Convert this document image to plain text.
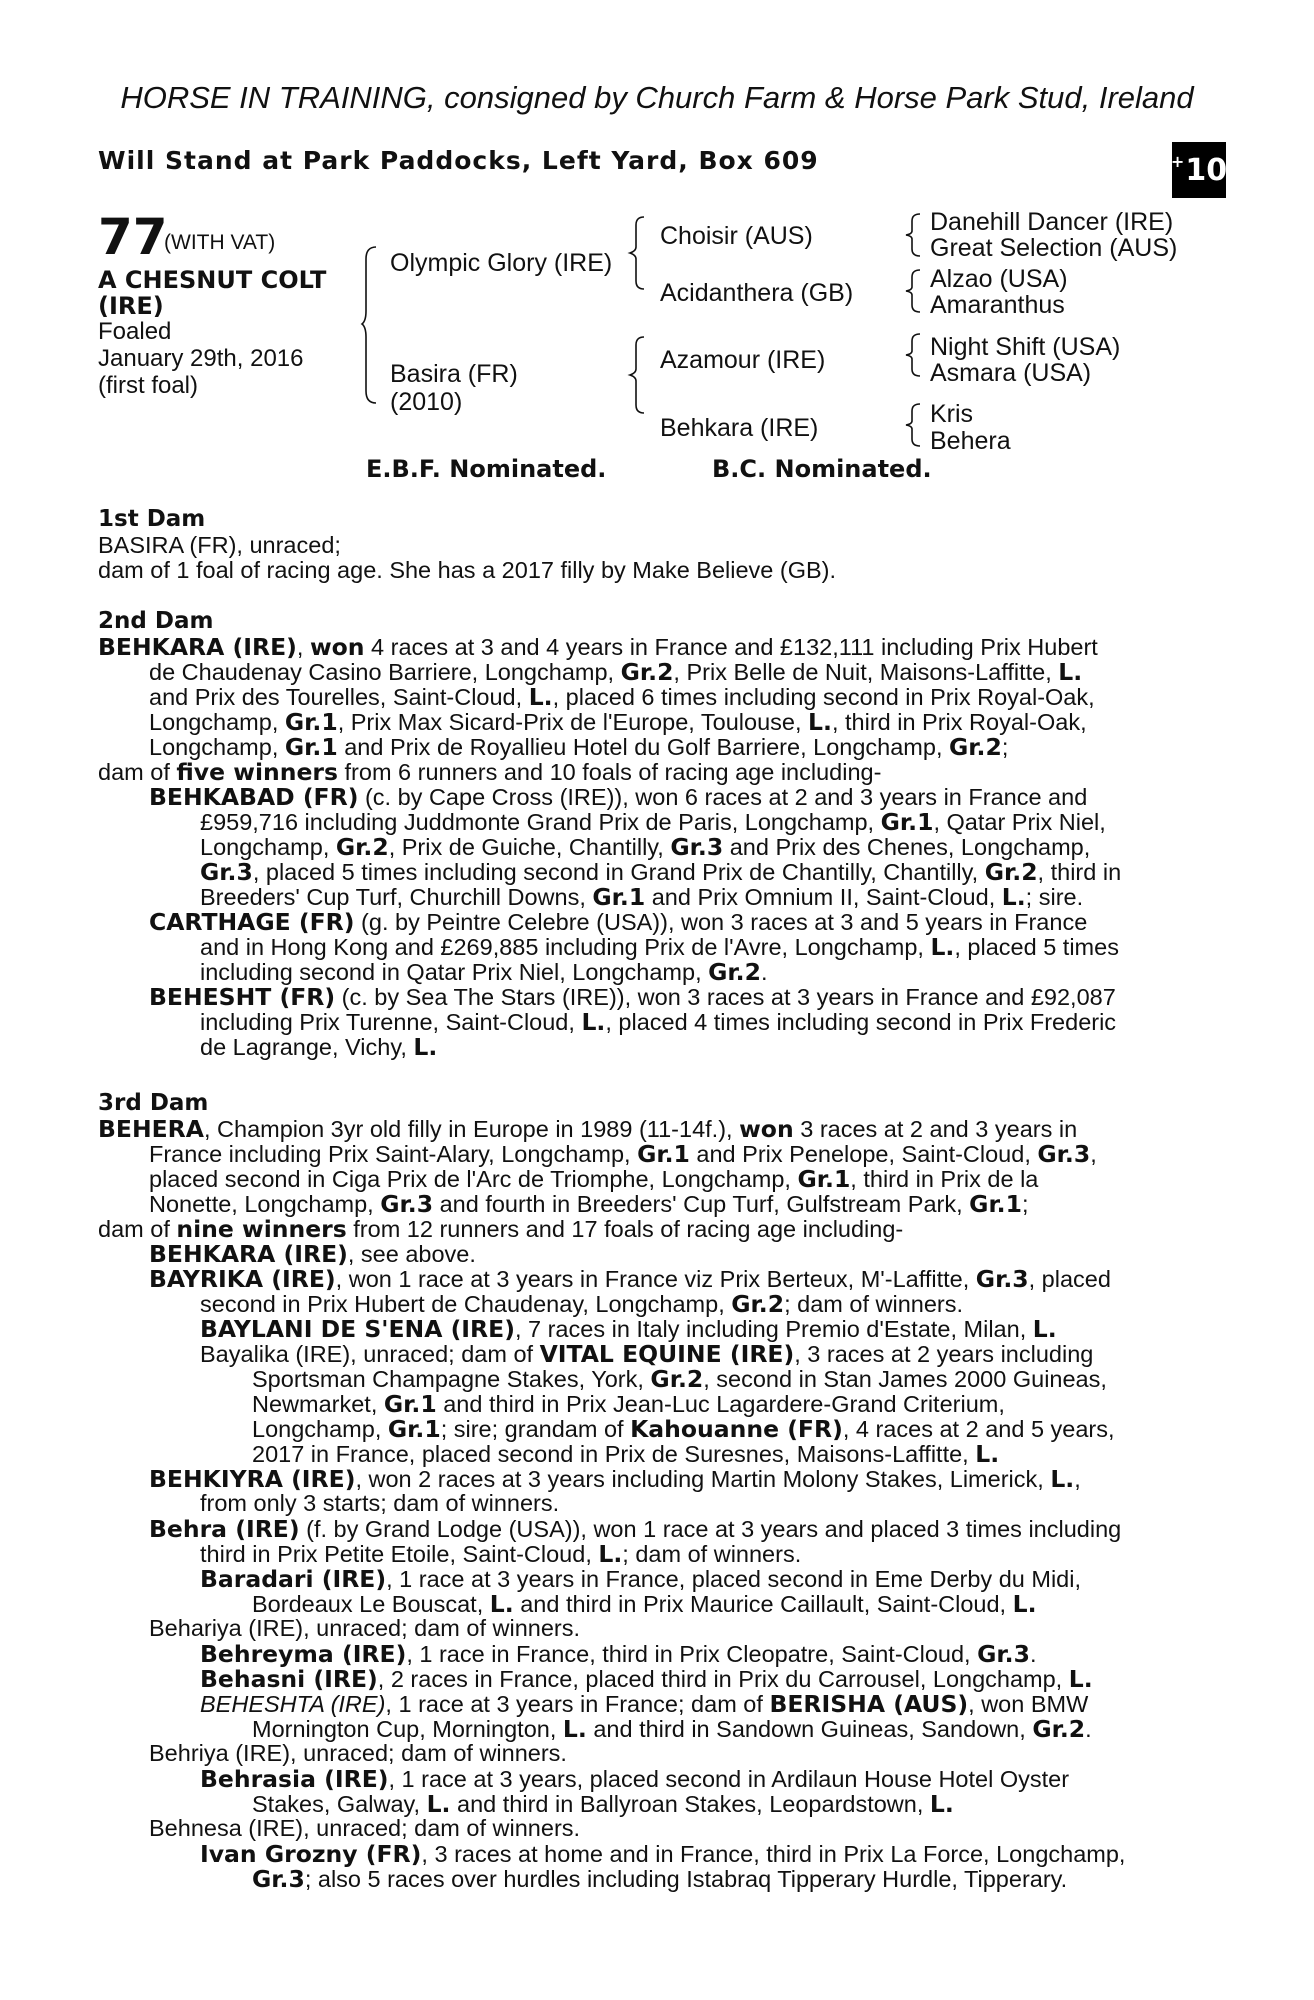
HORSE IN TRAINING, consigned by Church Farm & Horse Park Stud, Ireland
Will Stand at Park Paddocks, Left Yard, Box 609	+ 10
77
(WITH VAT)
A CHESNUT COLT
(IRE)
Foaled
January 29th, 2016
(first foal)
Olympic Glory (IRE)
Basira (FR)
(2010)
Choisir (AUS)
Acidanthera (GB)
Azamour (IRE)
Behkara (IRE)
Danehill Dancer (IRE)
Great Selection (AUS)
Alzao (USA)
Amaranthus
Night Shift (USA)
Asmara (USA)
Kris
Behera
E.B.F. Nominated.	B.C. Nominated.
1st Dam
BASIRA (FR), unraced;
dam of 1 foal of racing age. She has a 2017 filly by Make Believe (GB).
2nd Dam
BEHKARA (IRE), won 4 races at 3 and 4 years in France and £132,111 including Prix Hubert
de Chaudenay Casino Barriere, Longchamp, Gr.2, Prix Belle de Nuit, Maisons-Laffitte, L.
and Prix des Tourelles, Saint-Cloud, L., placed 6 times including second in Prix Royal-Oak,
Longchamp, Gr.1, Prix Max Sicard-Prix de l'Europe, Toulouse, L., third in Prix Royal-Oak,
Longchamp, Gr.1 and Prix de Royallieu Hotel du Golf Barriere, Longchamp, Gr.2;
dam of five winners from 6 runners and 10 foals of racing age including-
BEHKABAD (FR) (c. by Cape Cross (IRE)), won 6 races at 2 and 3 years in France and
£959,716 including Juddmonte Grand Prix de Paris, Longchamp, Gr.1, Qatar Prix Niel,
Longchamp, Gr.2, Prix de Guiche, Chantilly, Gr.3 and Prix des Chenes, Longchamp,
Gr.3, placed 5 times including second in Grand Prix de Chantilly, Chantilly, Gr.2, third in
Breeders' Cup Turf, Churchill Downs, Gr.1 and Prix Omnium II, Saint-Cloud, L.; sire.
CARTHAGE (FR) (g. by Peintre Celebre (USA)), won 3 races at 3 and 5 years in France
and in Hong Kong and £269,885 including Prix de l'Avre, Longchamp, L., placed 5 times
including second in Qatar Prix Niel, Longchamp, Gr.2.
BEHESHT (FR) (c. by Sea The Stars (IRE)), won 3 races at 3 years in France and £92,087
including Prix Turenne, Saint-Cloud, L., placed 4 times including second in Prix Frederic
de Lagrange, Vichy, L.
3rd Dam
BEHERA, Champion 3yr old filly in Europe in 1989 (11-14f.), won 3 races at 2 and 3 years in
France including Prix Saint-Alary, Longchamp, Gr.1 and Prix Penelope, Saint-Cloud, Gr.3,
placed second in Ciga Prix de l'Arc de Triomphe, Longchamp, Gr.1, third in Prix de la
Nonette, Longchamp, Gr.3 and fourth in Breeders' Cup Turf, Gulfstream Park, Gr.1;
dam of nine winners from 12 runners and 17 foals of racing age including-
BEHKARA (IRE), see above.
BAYRIKA (IRE), won 1 race at 3 years in France viz Prix Berteux, M'-Laffitte, Gr.3, placed
second in Prix Hubert de Chaudenay, Longchamp, Gr.2; dam of winners.
BAYLANI DE S'ENA (IRE), 7 races in Italy including Premio d'Estate, Milan, L.
Bayalika (IRE), unraced; dam of VITAL EQUINE (IRE), 3 races at 2 years including
Sportsman Champagne Stakes, York, Gr.2, second in Stan James 2000 Guineas,
Newmarket, Gr.1 and third in Prix Jean-Luc Lagardere-Grand Criterium,
Longchamp, Gr.1; sire; grandam of Kahouanne (FR), 4 races at 2 and 5 years,
2017 in France, placed second in Prix de Suresnes, Maisons-Laffitte, L.
BEHKIYRA (IRE), won 2 races at 3 years including Martin Molony Stakes, Limerick, L.,
from only 3 starts; dam of winners.
Behra (IRE) (f. by Grand Lodge (USA)), won 1 race at 3 years and placed 3 times including
third in Prix Petite Etoile, Saint-Cloud, L.; dam of winners.
Baradari (IRE), 1 race at 3 years in France, placed second in Eme Derby du Midi,
Bordeaux Le Bouscat, L. and third in Prix Maurice Caillault, Saint-Cloud, L.
Behariya (IRE), unraced; dam of winners.
Behreyma (IRE), 1 race in France, third in Prix Cleopatre, Saint-Cloud, Gr.3.
Behasni (IRE), 2 races in France, placed third in Prix du Carrousel, Longchamp, L.
BEHESHTA (IRE), 1 race at 3 years in France; dam of BERISHA (AUS), won BMW
Mornington Cup, Mornington, L. and third in Sandown Guineas, Sandown, Gr.2.
Behriya (IRE), unraced; dam of winners.
Behrasia (IRE), 1 race at 3 years, placed second in Ardilaun House Hotel Oyster
Stakes, Galway, L. and third in Ballyroan Stakes, Leopardstown, L.
Behnesa (IRE), unraced; dam of winners.
Ivan Grozny (FR), 3 races at home and in France, third in Prix La Force, Longchamp,
Gr.3; also 5 races over hurdles including Istabraq Tipperary Hurdle, Tipperary.
